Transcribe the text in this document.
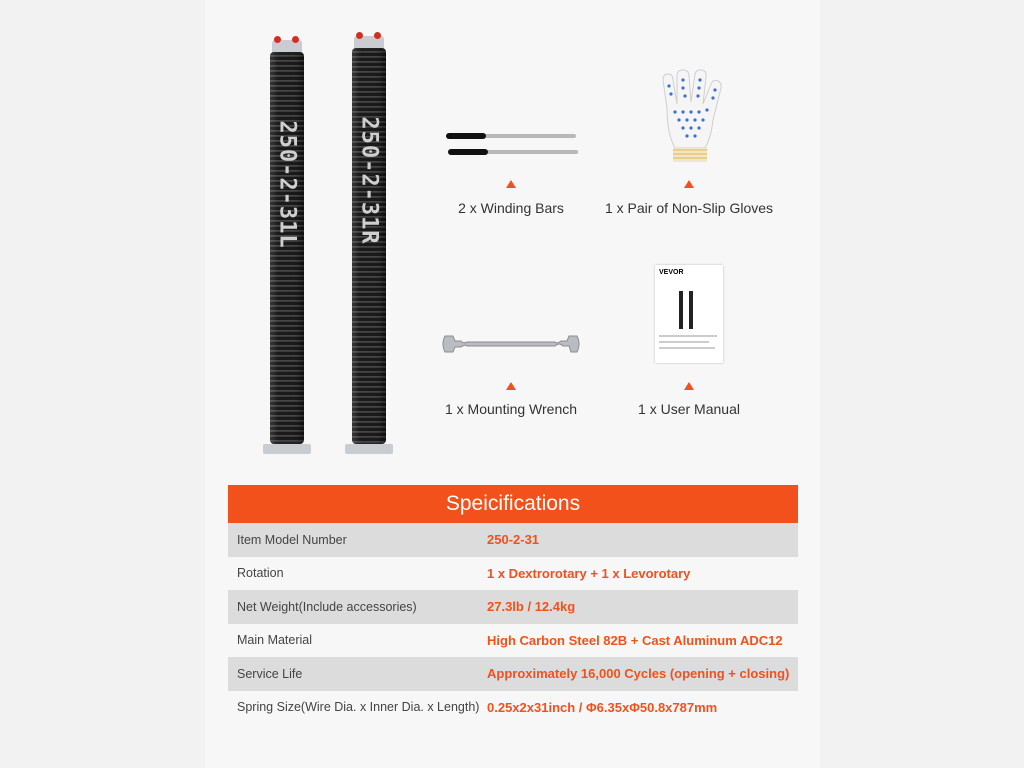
250-2-31L	250-2-31R	2 x Winding Bars	1 x Pair of Non-Slip Gloves
1 x Mounting Wrench
VEVOR
1 x User Manual
Speicifications
Item Model Number	250-2-31
Rotation	1 x Dextrorotary + 1 x Levorotary
Net Weight(Include accessories)	27.3lb / 12.4kg
Main Material	High Carbon Steel 82B + Cast Aluminum ADC12
Service Life	Approximately 16,000 Cycles (opening + closing)
Spring Size(Wire Dia. x Inner Dia. x Length) 0.25x2x31inch / Φ6.35xΦ50.8x787mm
